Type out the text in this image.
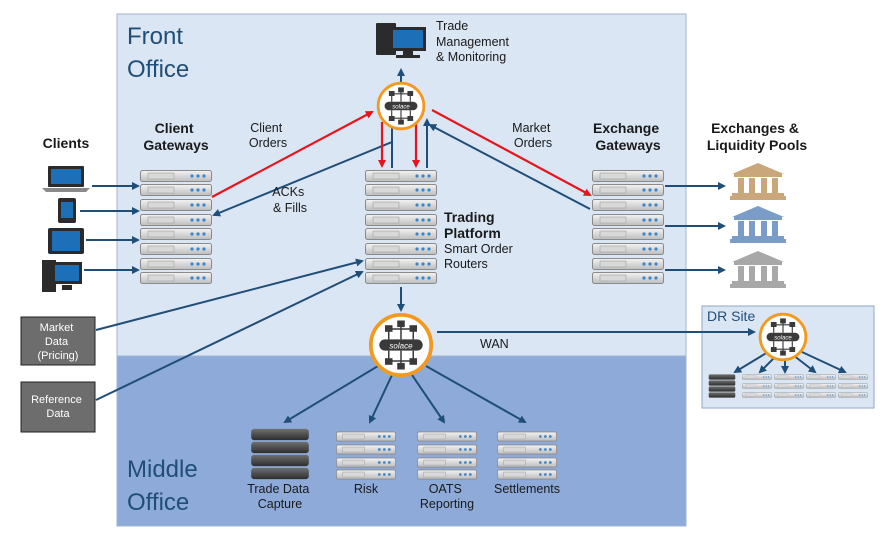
Front Office
Middle Office
DR Site
Trade Management & Monitoring
Market Data (Pricing)
Reference Data
Clients
Client Gateways
Client Orders
ACKs & Fills
Trading Platform
Smart Order Routers
Market Orders
Exchange Gateways
Exchanges & Liquidity Pools
WAN
Trade Data Capture
Risk	OATS Reporting
Settlements
